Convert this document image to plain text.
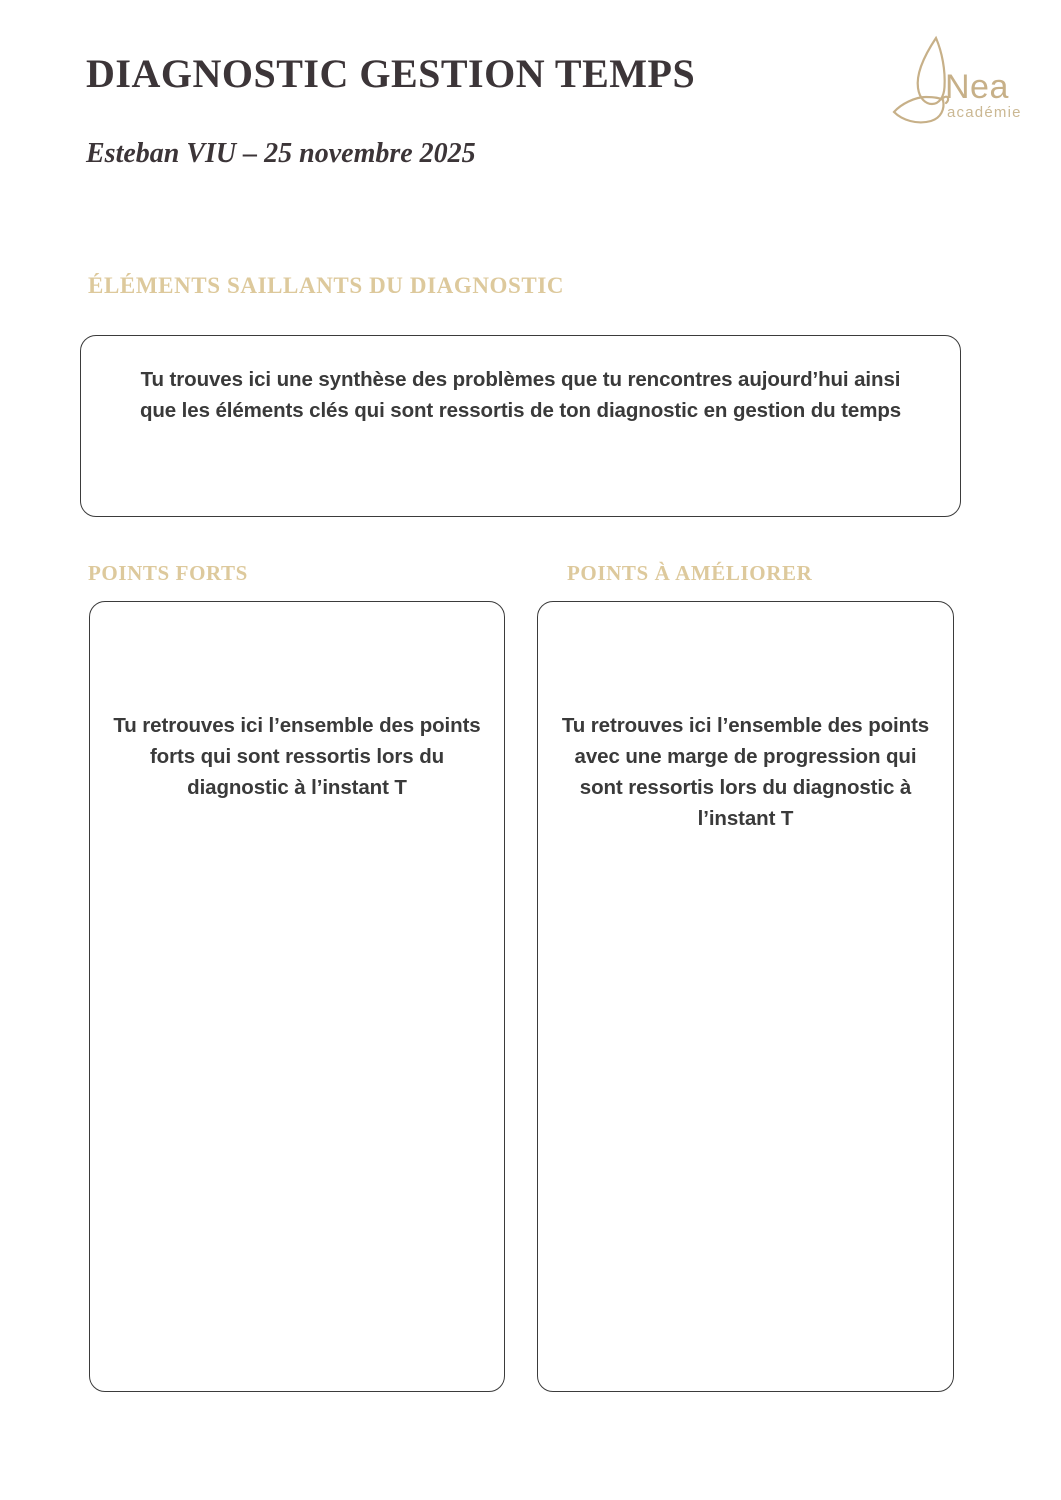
DIAGNOSTIC GESTION TEMPS
Esteban VIU – 25 novembre 2025
Nea
académie
ÉLÉMENTS SAILLANTS DU DIAGNOSTIC

Tu trouves ici une synthèse des problèmes que tu rencontres aujourd’hui ainsi que les éléments clés qui sont ressortis de ton diagnostic en gestion du temps

POINTS FORTS

Tu retrouves ici l’ensemble des points forts qui sont ressortis lors du diagnostic à l’instant T

POINTS À AMÉLIORER

Tu retrouves ici l’ensemble des points avec une marge de progression qui sont ressortis lors du diagnostic à l’instant T
